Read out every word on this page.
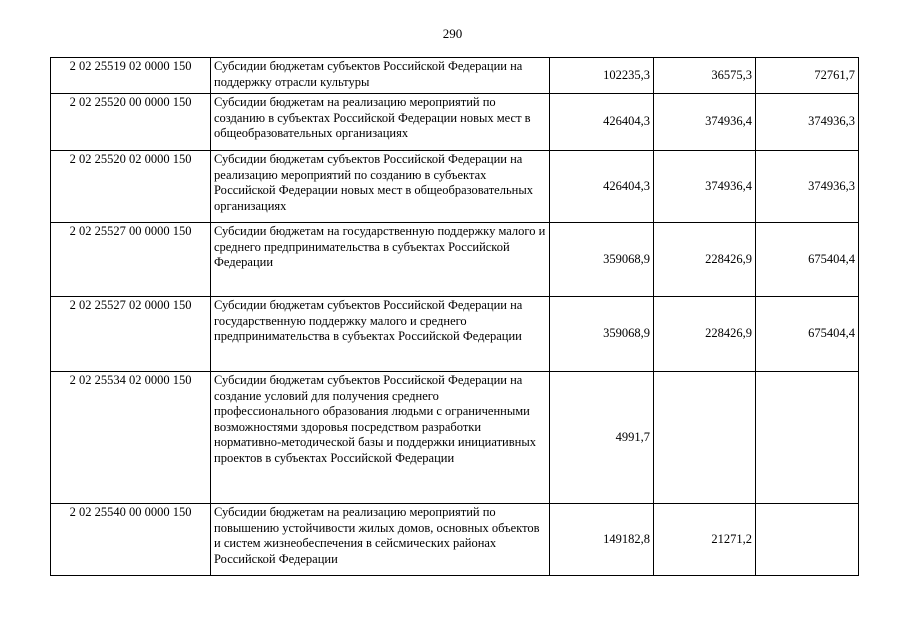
290
2 02 25519 02 0000 150	Субсидии бюджетам субъектов Российской Федерации на поддержку отрасли культуры	102235,3	36575,3	72761,7
2 02 25520 00 0000 150	Субсидии бюджетам на реализацию мероприятий по созданию в субъектах Российской Федерации новых мест в общеобразовательных организациях	426404,3	374936,4	374936,3
2 02 25520 02 0000 150	Субсидии бюджетам субъектов Российской Федерации на реализацию мероприятий по созданию в субъектах Российской Федерации новых мест в общеобразовательных организациях	426404,3	374936,4	374936,3
2 02 25527 00 0000 150	Субсидии бюджетам на государственную поддержку малого и среднего предпринимательства в субъектах Российской Федерации	359068,9	228426,9	675404,4
2 02 25527 02 0000 150	Субсидии бюджетам субъектов Российской Федерации на государственную поддержку малого и среднего предпринимательства в субъектах Российской Федерации	359068,9	228426,9	675404,4
2 02 25534 02 0000 150	Субсидии бюджетам субъектов Российской Федерации на создание условий для получения среднего профессионального образования людьми с ограниченными возможностями здоровья посредством разработки нормативно-методической базы и поддержки инициативных проектов в субъектах Российской Федерации	4991,7		
2 02 25540 00 0000 150	Субсидии бюджетам на реализацию мероприятий по повышению устойчивости жилых домов, основных объектов и систем жизнеобеспечения в сейсмических районах Российской Федерации	149182,8	21271,2	
